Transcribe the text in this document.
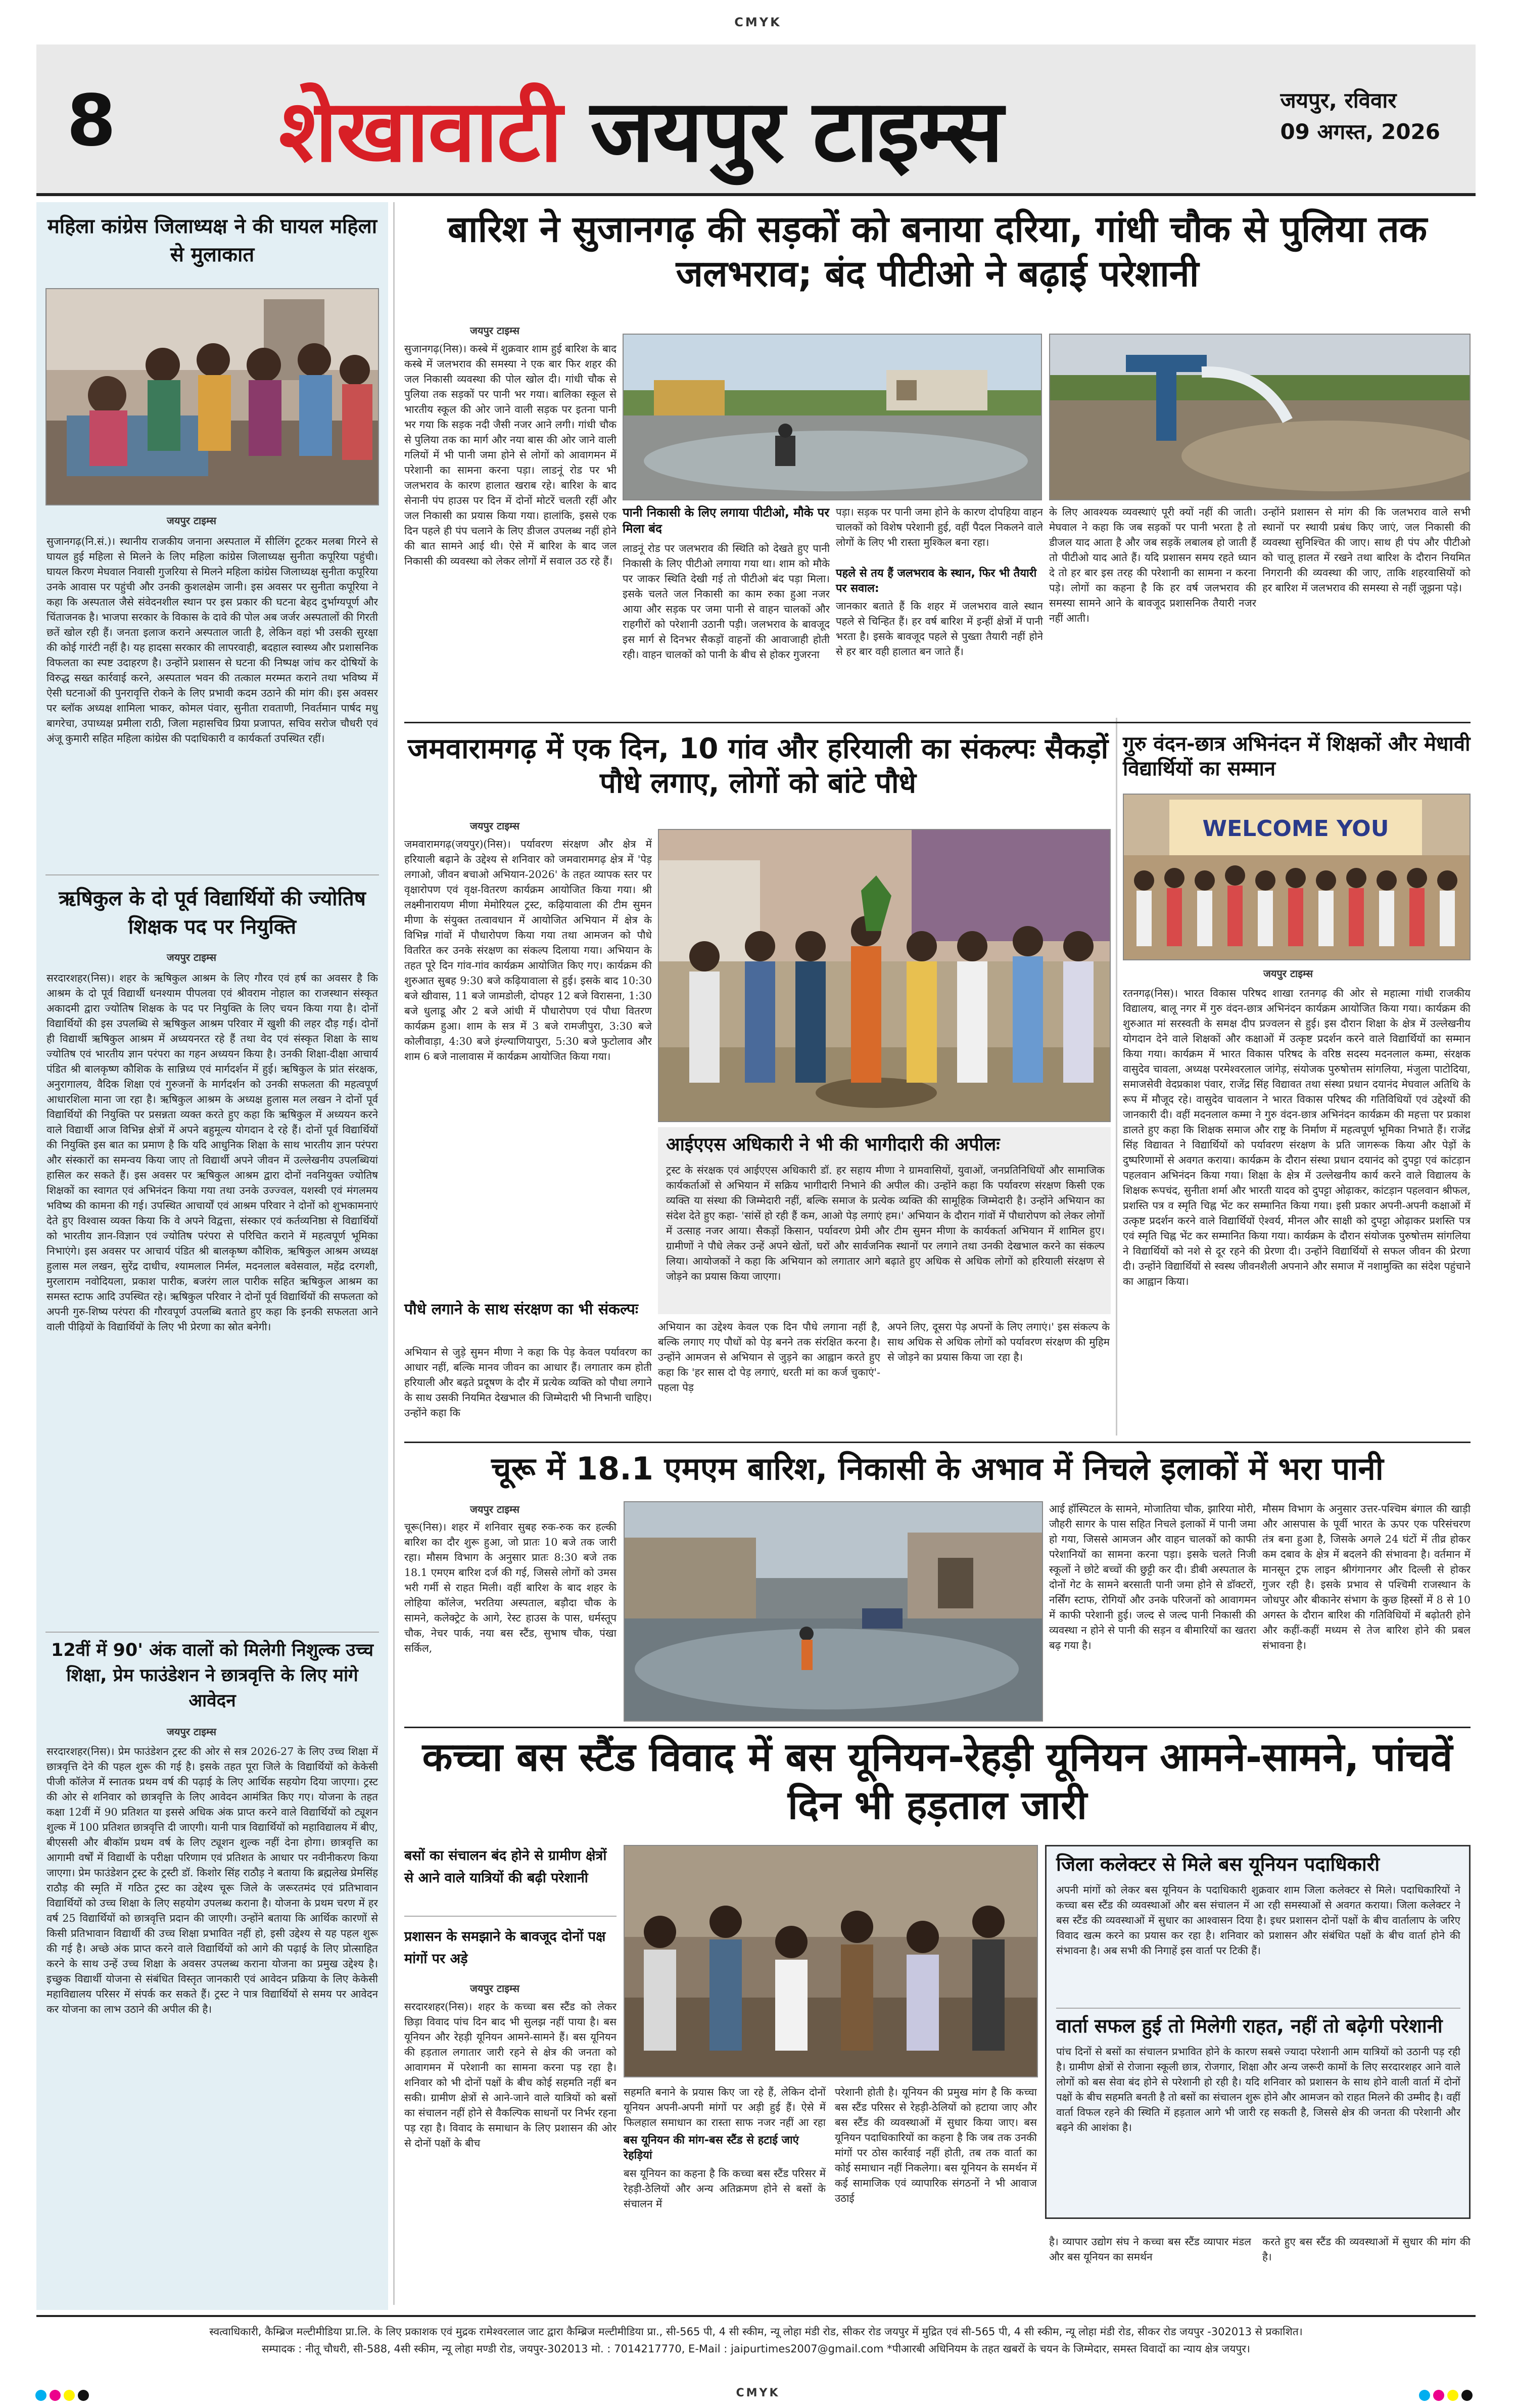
CMYK
CMYK
8 शेखावाटी जयपुर टाइम्स	जयपुर, रविवार
09 अगस्त, 2026
महिला कांग्रेस जिलाध्यक्ष ने की घायल महिला से मुलाकात
जयपुर टाइम्स
सुजानगढ़(नि.सं.)। स्थानीय राजकीय जनाना अस्पताल में सीलिंग टूटकर मलबा गिरने से घायल हुई महिला से मिलने के लिए महिला कांग्रेस जिलाध्यक्ष सुनीता कपूरिया पहुंची। घायल किरण मेघवाल निवासी गुजरिया से मिलने महिला कांग्रेस जिलाध्यक्ष सुनीता कपूरिया उनके आवास पर पहुंची और उनकी कुशलक्षेम जानी। इस अवसर पर सुनीता कपूरिया ने कहा कि अस्पताल जैसे संवेदनशील स्थान पर इस प्रकार की घटना बेहद दुर्भाग्यपूर्ण और चिंताजनक है। भाजपा सरकार के विकास के दावे की पोल अब जर्जर अस्पतालों की गिरती छतें खोल रही हैं। जनता इलाज कराने अस्पताल जाती है, लेकिन वहां भी उसकी सुरक्षा की कोई गारंटी नहीं है। यह हादसा सरकार की लापरवाही, बदहाल स्वास्थ्य और प्रशासनिक विफलता का स्पष्ट उदाहरण है। उन्होंने प्रशासन से घटना की निष्पक्ष जांच कर दोषियों के विरुद्ध सख्त कार्रवाई करने, अस्पताल भवन की तत्काल मरम्मत कराने तथा भविष्य में ऐसी घटनाओं की पुनरावृत्ति रोकने के लिए प्रभावी कदम उठाने की मांग की। इस अवसर पर ब्लॉक अध्यक्ष शामिला भाकर, कोमल पंवार, सुनीता रावताणी, निवर्तमान पार्षद मधु बागरेचा, उपाध्यक्ष प्रमीला राठी, जिला महासचिव प्रिया प्रजापत, सचिव सरोज चौधरी एवं अंजू कुमारी सहित महिला कांग्रेस की पदाधिकारी व कार्यकर्ता उपस्थित रहीं।
ऋषिकुल के दो पूर्व विद्यार्थियों की ज्योतिष शिक्षक पद पर नियुक्ति
जयपुर टाइम्स
सरदारशहर(निस)। शहर के ऋषिकुल आश्रम के लिए गौरव एवं हर्ष का अवसर है कि आश्रम के दो पूर्व विद्यार्थी धनश्याम पीपलवा एवं श्रीवराम नोहाल का राजस्थान संस्कृत अकादमी द्वारा ज्योतिष शिक्षक के पद पर नियुक्ति के लिए चयन किया गया है। दोनों विद्यार्थियों की इस उपलब्धि से ऋषिकुल आश्रम परिवार में खुशी की लहर दौड़ गई। दोनों ही विद्यार्थी ऋषिकुल आश्रम में अध्ययनरत रहे हैं तथा वेद एवं संस्कृत शिक्षा के साथ ज्योतिष एवं भारतीय ज्ञान परंपरा का गहन अध्ययन किया है। उनकी शिक्षा-दीक्षा आचार्य पंडित श्री बालकृष्ण कौशिक के सान्निध्य एवं मार्गदर्शन में हुई। ऋषिकुल के प्रांत संरक्षक, अनुरागालय, वैदिक शिक्षा एवं गुरुजनों के मार्गदर्शन को उनकी सफलता की महत्वपूर्ण आधारशिला माना जा रहा है। ऋषिकुल आश्रम के अध्यक्ष हुलास मल लखन ने दोनों पूर्व विद्यार्थियों की नियुक्ति पर प्रसन्नता व्यक्त करते हुए कहा कि ऋषिकुल में अध्ययन करने वाले विद्यार्थी आज विभिन्न क्षेत्रों में अपने बहुमूल्य योगदान दे रहे हैं। दोनों पूर्व विद्यार्थियों की नियुक्ति इस बात का प्रमाण है कि यदि आधुनिक शिक्षा के साथ भारतीय ज्ञान परंपरा और संस्कारों का समन्वय किया जाए तो विद्यार्थी अपने जीवन में उल्लेखनीय उपलब्धियां हासिल कर सकते हैं। इस अवसर पर ऋषिकुल आश्रम द्वारा दोनों नवनियुक्त ज्योतिष शिक्षकों का स्वागत एवं अभिनंदन किया गया तथा उनके उज्ज्वल, यशस्वी एवं मंगलमय भविष्य की कामना की गई। उपस्थित आचार्यों एवं आश्रम परिवार ने दोनों को शुभकामनाएं देते हुए विश्वास व्यक्त किया कि वे अपने विद्वत्ता, संस्कार एवं कर्तव्यनिष्ठा से विद्यार्थियों को भारतीय ज्ञान-विज्ञान एवं ज्योतिष परंपरा से परिचित कराने में महत्वपूर्ण भूमिका निभाएंगे। इस अवसर पर आचार्य पंडित श्री बालकृष्ण कौशिक, ऋषिकुल आश्रम अध्यक्ष हुलास मल लखन, सुरेंद्र दाधीच, श्यामलाल निर्मल, मदनलाल बवेसवाल, महेंद्र दरगशी, मुरलाराम नवोदियला, प्रकाश पारीक, बजरंग लाल पारीक सहित ऋषिकुल आश्रम का समस्त स्टाफ आदि उपस्थित रहे। ऋषिकुल परिवार ने दोनों पूर्व विद्यार्थियों की सफलता को अपनी गुरु-शिष्य परंपरा की गौरवपूर्ण उपलब्धि बताते हुए कहा कि इनकी सफलता आने वाली पीढ़ियों के विद्यार्थियों के लिए भी प्रेरणा का स्रोत बनेगी।
12वीं में 90' अंक वालों को मिलेगी निशुल्क उच्च शिक्षा, प्रेम फाउंडेशन ने छात्रवृत्ति के लिए मांगे आवेदन
जयपुर टाइम्स
सरदारशहर(निस)। प्रेम फाउंडेशन ट्रस्ट की ओर से सत्र 2026-27 के लिए उच्च शिक्षा में छात्रवृत्ति देने की पहल शुरू की गई है। इसके तहत पूरा जिले के विद्यार्थियों को केकेसी पीजी कॉलेज में स्नातक प्रथम वर्ष की पढ़ाई के लिए आर्थिक सहयोग दिया जाएगा। ट्रस्ट की ओर से शनिवार को छात्रवृत्ति के लिए आवेदन आमंत्रित किए गए। योजना के तहत कक्षा 12वीं में 90 प्रतिशत या इससे अधिक अंक प्राप्त करने वाले विद्यार्थियों को ट्यूशन शुल्क में 100 प्रतिशत छात्रवृत्ति दी जाएगी। यानी पात्र विद्यार्थियों को महाविद्यालय में बीए, बीएससी और बीकॉम प्रथम वर्ष के लिए ट्यूशन शुल्क नहीं देना होगा। छात्रवृत्ति का आगामी वर्षों में विद्यार्थी के परीक्षा परिणाम एवं प्रतिशत के आधार पर नवीनीकरण किया जाएगा। प्रेम फाउंडेशन ट्रस्ट के ट्रस्टी डॉ. किशोर सिंह राठौड़ ने बताया कि ब्रह्मलेख प्रेमसिंह राठौड़ की स्मृति में गठित ट्रस्ट का उद्देश्य चूरू जिले के जरूरतमंद एवं प्रतिभावान विद्यार्थियों को उच्च शिक्षा के लिए सहयोग उपलब्ध कराना है। योजना के प्रथम चरण में हर वर्ष 25 विद्यार्थियों को छात्रवृत्ति प्रदान की जाएगी। उन्होंने बताया कि आर्थिक कारणों से किसी प्रतिभावान विद्यार्थी की उच्च शिक्षा प्रभावित नहीं हो, इसी उद्देश्य से यह पहल शुरू की गई है। अच्छे अंक प्राप्त करने वाले विद्यार्थियों को आगे की पढ़ाई के लिए प्रोत्साहित करने के साथ उन्हें उच्च शिक्षा के अवसर उपलब्ध कराना योजना का प्रमुख उद्देश्य है। इच्छुक विद्यार्थी योजना से संबंधित विस्तृत जानकारी एवं आवेदन प्रक्रिया के लिए केकेसी महाविद्यालय परिसर में संपर्क कर सकते हैं। ट्रस्ट ने पात्र विद्यार्थियों से समय पर आवेदन कर योजना का लाभ उठाने की अपील की है।
बारिश ने सुजानगढ़ की सड़कों को बनाया दरिया, गांधी चौक से पुलिया तक जलभराव; बंद पीटीओ ने बढ़ाई परेशानी
जयपुर टाइम्स
सुजानगढ़(निस)। कस्बे में शुक्रवार शाम हुई बारिश के बाद कस्बे में जलभराव की समस्या ने एक बार फिर शहर की जल निकासी व्यवस्था की पोल खोल दी। गांधी चौक से पुलिया तक सड़कों पर पानी भर गया। बालिका स्कूल से भारतीय स्कूल की ओर जाने वाली सड़क पर इतना पानी भर गया कि सड़क नदी जैसी नजर आने लगी। गांधी चौक से पुलिया तक का मार्ग और नया बास की ओर जाने वाली गलियों में भी पानी जमा होने से लोगों को आवागमन में परेशानी का सामना करना पड़ा। लाडनूं रोड पर भी जलभराव के कारण हालात खराब रहे। बारिश के बाद सेनानी पंप हाउस पर दिन में दोनों मोटरें चलती रहीं और जल निकासी का प्रयास किया गया। हालांकि, इससे एक दिन पहले ही पंप चलाने के लिए डीजल उपलब्ध नहीं होने की बात सामने आई थी। ऐसे में बारिश के बाद जल निकासी की व्यवस्था को लेकर लोगों में सवाल उठ रहे हैं।
पानी निकासी के लिए लगाया पीटीओ, मौके पर मिला बंद
लाडनूं रोड पर जलभराव की स्थिति को देखते हुए पानी निकासी के लिए पीटीओ लगाया गया था। शाम को मौके पर जाकर स्थिति देखी गई तो पीटीओ बंद पड़ा मिला। इसके चलते जल निकासी का काम रुका हुआ नजर आया और सड़क पर जमा पानी से वाहन चालकों और राहगीरों को परेशानी उठानी पड़ी। जलभराव के बावजूद इस मार्ग से दिनभर सैकड़ों वाहनों की आवाजाही होती रही। वाहन चालकों को पानी के बीच से होकर गुजरना
पड़ा। सड़क पर पानी जमा होने के कारण दोपहिया वाहन चालकों को विशेष परेशानी हुई, वहीं पैदल निकलने वाले लोगों के लिए भी रास्ता मुश्किल बना रहा।
पहले से तय हैं जलभराव के स्थान, फिर भी तैयारी पर सवाल:
जानकार बताते हैं कि शहर में जलभराव वाले स्थान पहले से चिन्हित हैं। हर वर्ष बारिश में इन्हीं क्षेत्रों में पानी भरता है। इसके बावजूद पहले से पुख्ता तैयारी नहीं होने से हर बार वही हालात बन जाते हैं।
के लिए आवश्यक व्यवस्थाएं पूरी क्यों नहीं की जाती। मेघवाल ने कहा कि जब सड़कों पर पानी भरता है तो डीजल याद आता है और जब सड़कें लबालब हो जाती हैं तो पीटीओ याद आते हैं। यदि प्रशासन समय रहते ध्यान दे तो हर बार इस तरह की परेशानी का सामना न करना पड़े। लोगों का कहना है कि हर वर्ष जलभराव की समस्या सामने आने के बावजूद प्रशासनिक तैयारी नजर नहीं आती।
उन्होंने प्रशासन से मांग की कि जलभराव वाले सभी स्थानों पर स्थायी प्रबंध किए जाएं, जल निकासी की व्यवस्था सुनिश्चित की जाए। साथ ही पंप और पीटीओ को चालू हालत में रखने तथा बारिश के दौरान नियमित निगरानी की व्यवस्था की जाए, ताकि शहरवासियों को हर बारिश में जलभराव की समस्या से नहीं जूझना पड़े।
जमवारामगढ़ में एक दिन, 10 गांव और हरियाली का संकल्पः सैकड़ों पौधे लगाए, लोगों को बांटे पौधे
जयपुर टाइम्स
जमवारामगढ़(जयपुर)(निस)। पर्यावरण संरक्षण और क्षेत्र में हरियाली बढ़ाने के उद्देश्य से शनिवार को जमवारामगढ़ क्षेत्र में 'पेड़ लगाओ, जीवन बचाओ अभियान-2026' के तहत व्यापक स्तर पर वृक्षारोपण एवं वृक्ष-वितरण कार्यक्रम आयोजित किया गया। श्री लक्ष्मीनारायण मीणा मेमोरियल ट्रस्ट, कढ़ियावाला की टीम सुमन मीणा के संयुक्त तत्वावधान में आयोजित अभियान में क्षेत्र के विभिन्न गांवों में पौधारोपण किया गया तथा आमजन को पौधे वितरित कर उनके संरक्षण का संकल्प दिलाया गया। अभियान के तहत पूरे दिन गांव-गांव कार्यक्रम आयोजित किए गए। कार्यक्रम की शुरुआत सुबह 9:30 बजे कढ़ियावाला से हुई। इसके बाद 10:30 बजे खीवास, 11 बजे जामडोली, दोपहर 12 बजे विरासना, 1:30 बजे धुलाडू और 2 बजे आंधी में पौधारोपण एवं पौधा वितरण कार्यक्रम हुआ। शाम के सत्र में 3 बजे रामजीपुरा, 3:30 बजे कोलीवाड़ा, 4:30 बजे इंग्ल्याणियापुरा, 5:30 बजे फुटोलाव और शाम 6 बजे नालावास में कार्यक्रम आयोजित किया गया।
पौधे लगाने के साथ संरक्षण का भी संकल्पः
अभियान से जुड़े सुमन मीणा ने कहा कि पेड़ केवल पर्यावरण का आधार नहीं, बल्कि मानव जीवन का आधार हैं। लगातार कम होती हरियाली और बढ़ते प्रदूषण के दौर में प्रत्येक व्यक्ति को पौधा लगाने के साथ उसकी नियमित देखभाल की जिम्मेदारी भी निभानी चाहिए। उन्होंने कहा कि
आईएएस अधिकारी ने भी की भागीदारी की अपीलः
ट्रस्ट के संरक्षक एवं आईएएस अधिकारी डॉ. हर सहाय मीणा ने ग्रामवासियों, युवाओं, जनप्रतिनिधियों और सामाजिक कार्यकर्ताओं से अभियान में सक्रिय भागीदारी निभाने की अपील की। उन्होंने कहा कि पर्यावरण संरक्षण किसी एक व्यक्ति या संस्था की जिम्मेदारी नहीं, बल्कि समाज के प्रत्येक व्यक्ति की सामूहिक जिम्मेदारी है। उन्होंने अभियान का संदेश देते हुए कहा- 'सांसें हो रही हैं कम, आओ पेड़ लगाएं हम।' अभियान के दौरान गांवों में पौधारोपण को लेकर लोगों में उत्साह नजर आया। सैकड़ों किसान, पर्यावरण प्रेमी और टीम सुमन मीणा के कार्यकर्ता अभियान में शामिल हुए। ग्रामीणों ने पौधे लेकर उन्हें अपने खेतों, घरों और सार्वजनिक स्थानों पर लगाने तथा उनकी देखभाल करने का संकल्प लिया। आयोजकों ने कहा कि अभियान को लगातार आगे बढ़ाते हुए अधिक से अधिक लोगों को हरियाली संरक्षण से जोड़ने का प्रयास किया जाएगा।
अभियान का उद्देश्य केवल एक दिन पौधे लगाना नहीं है, बल्कि लगाए गए पौधों को पेड़ बनने तक संरक्षित करना है। उन्होंने आमजन से अभियान से जुड़ने का आह्वान करते हुए कहा कि 'हर सास दो पेड़ लगाएं, धरती मां का कर्ज चुकाएं'-पहला पेड़
अपने लिए, दूसरा पेड़ अपनों के लिए लगाएं।' इस संकल्प के साथ अधिक से अधिक लोगों को पर्यावरण संरक्षण की मुहिम से जोड़ने का प्रयास किया जा रहा है।
गुरु वंदन-छात्र अभिनंदन में शिक्षकों और मेधावी विद्यार्थियों का सम्मान
WELCOME YOU
जयपुर टाइम्स
रतनगढ़(निस)। भारत विकास परिषद शाखा रतनगढ़ की ओर से महात्मा गांधी राजकीय विद्यालय, बालू नगर में गुरु वंदन-छात्र अभिनंदन कार्यक्रम आयोजित किया गया। कार्यक्रम की शुरुआत मां सरस्वती के समक्ष दीप प्रज्वलन से हुई। इस दौरान शिक्षा के क्षेत्र में उल्लेखनीय योगदान देने वाले शिक्षकों और कक्षाओं में उत्कृष्ट प्रदर्शन करने वाले विद्यार्थियों का सम्मान किया गया। कार्यक्रम में भारत विकास परिषद के वरिष्ठ सदस्य मदनलाल कम्मा, संरक्षक वासुदेव चावला, अध्यक्ष परमेश्वरलाल जांगेड़, संयोजक पुरुषोत्तम सांगलिया, मंजुला पाटोदिया, समाजसेवी वेदप्रकाश पंवार, राजेंद्र सिंह विद्यावत तथा संस्था प्रधान दयानंद मेघवाल अतिथि के रूप में मौजूद रहे। वासुदेव चावलान ने भारत विकास परिषद की गतिविधियों एवं उद्देश्यों की जानकारी दी। वहीं मदनलाल कम्मा ने गुरु वंदन-छात्र अभिनंदन कार्यक्रम की महत्ता पर प्रकाश डालते हुए कहा कि शिक्षक समाज और राष्ट्र के निर्माण में महत्वपूर्ण भूमिका निभाते हैं। राजेंद्र सिंह विद्यावत ने विद्यार्थियों को पर्यावरण संरक्षण के प्रति जागरूक किया और पेड़ों के दुष्परिणामों से अवगत कराया। कार्यक्रम के दौरान संस्था प्रधान दयानंद को दुपट्टा एवं कांटड़ान पहलवान अभिनंदन किया गया। शिक्षा के क्षेत्र में उल्लेखनीय कार्य करने वाले विद्यालय के शिक्षक रूपचंद, सुनीता शर्मा और भारती यादव को दुपट्टा ओढ़ाकर, कांटड़ान पहलवान श्रीफल, प्रशस्ति पत्र व स्मृति चिह्न भेंट कर सम्मानित किया गया। इसी प्रकार अपनी-अपनी कक्षाओं में उत्कृष्ट प्रदर्शन करने वाले विद्यार्थियों ऐश्वर्य, मीनल और साक्षी को दुपट्टा ओढ़ाकर प्रशस्ति पत्र एवं स्मृति चिह्न भेंट कर सम्मानित किया गया। कार्यक्रम के दौरान संयोजक पुरुषोत्तम सांगलिया ने विद्यार्थियों को नशे से दूर रहने की प्रेरणा दी। उन्होंने विद्यार्थियों से सफल जीवन की प्रेरणा दी। उन्होंने विद्यार्थियों से स्वस्थ जीवनशैली अपनाने और समाज में नशामुक्ति का संदेश पहुंचाने का आह्वान किया।
चूरू में 18.1 एमएम बारिश, निकासी के अभाव में निचले इलाकों में भरा पानी
जयपुर टाइम्स
चूरू(निस)। शहर में शनिवार सुबह रुक-रुक कर हल्की बारिश का दौर शुरू हुआ, जो प्रातः 10 बजे तक जारी रहा। मौसम विभाग के अनुसार प्रातः 8:30 बजे तक 18.1 एमएम बारिश दर्ज की गई, जिससे लोगों को उमस भरी गर्मी से राहत मिली। वहीं बारिश के बाद शहर के लोहिया कॉलेज, भरतिया अस्पताल, बड़ौदा चौक के सामने, कलेक्ट्रेट के आगे, रेस्ट हाउस के पास, धर्मस्तूप चौक, नेचर पार्क, नया बस स्टैंड, सुभाष चौक, पंखा सर्किल,
आई हॉस्पिटल के सामने, मोजातिया चौक, झारिया मोरी, जौहरी सागर के पास सहित निचले इलाकों में पानी जमा हो गया, जिससे आमजन और वाहन चालकों को काफी परेशानियों का सामना करना पड़ा। इसके चलते निजी स्कूलों ने छोटे बच्चों की छुट्टी कर दी। डीबी अस्पताल के दोनों गेट के सामने बरसाती पानी जमा होने से डॉक्टरों, नर्सिंग स्टाफ, रोगियों और उनके परिजनों को आवागमन में काफी परेशानी हुई। जल्द से जल्द पानी निकासी की व्यवस्था न होने से पानी की सड़न व बीमारियों का खतरा बढ़ गया है।
मौसम विभाग के अनुसार उत्तर-पश्चिम बंगाल की खाड़ी और आसपास के पूर्वी भारत के ऊपर एक परिसंचरण तंत्र बना हुआ है, जिसके अगले 24 घंटों में तीव्र होकर कम दबाव के क्षेत्र में बदलने की संभावना है। वर्तमान में मानसून ट्रफ लाइन श्रीगंगानगर और दिल्ली से होकर गुजर रही है। इसके प्रभाव से पश्चिमी राजस्थान के जोधपुर और बीकानेर संभाग के कुछ हिस्सों में 8 से 10 अगस्त के दौरान बारिश की गतिविधियों में बढ़ोतरी होने और कहीं-कहीं मध्यम से तेज बारिश होने की प्रबल संभावना है।
कच्चा बस स्टैंड विवाद में बस यूनियन-रेहड़ी यूनियन आमने-सामने, पांचवें दिन भी हड़ताल जारी
बसों का संचालन बंद होने से ग्रामीण क्षेत्रों से आने वाले यात्रियों की बढ़ी परेशानी
प्रशासन के समझाने के बावजूद दोनों पक्ष मांगों पर अड़े
जयपुर टाइम्स
सरदारशहर(निस)। शहर के कच्चा बस स्टैंड को लेकर छिड़ा विवाद पांच दिन बाद भी सुलझ नहीं पाया है। बस यूनियन और रेहड़ी यूनियन आमने-सामने हैं। बस यूनियन की हड़ताल लगातार जारी रहने से क्षेत्र की जनता को आवागमन में परेशानी का सामना करना पड़ रहा है। शनिवार को भी दोनों पक्षों के बीच कोई सहमति नहीं बन सकी। ग्रामीण क्षेत्रों से आने-जाने वाले यात्रियों को बसों का संचालन नहीं होने से वैकल्पिक साधनों पर निर्भर रहना पड़ रहा है। विवाद के समाधान के लिए प्रशासन की ओर से दोनों पक्षों के बीच
सहमति बनाने के प्रयास किए जा रहे हैं, लेकिन दोनों यूनियन अपनी-अपनी मांगों पर अड़ी हुई हैं। ऐसे में फिलहाल समाधान का रास्ता साफ नजर नहीं आ रहा
बस यूनियन की मांग-बस स्टैंड से हटाई जाएं रेहड़ियां
बस यूनियन का कहना है कि कच्चा बस स्टैंड परिसर में रेहड़ी-ठेलियों और अन्य अतिक्रमण होने से बसों के संचालन में
परेशानी होती है। यूनियन की प्रमुख मांग है कि कच्चा बस स्टैंड परिसर से रेहड़ी-ठेलियों को हटाया जाए और बस स्टैंड की व्यवस्थाओं में सुधार किया जाए। बस यूनियन पदाधिकारियों का कहना है कि जब तक उनकी मांगों पर ठोस कार्रवाई नहीं होती, तब तक वार्ता का कोई समाधान नहीं निकलेगा। बस यूनियन के समर्थन में कई सामाजिक एवं व्यापारिक संगठनों ने भी आवाज उठाई
जिला कलेक्टर से मिले बस यूनियन पदाधिकारी
अपनी मांगों को लेकर बस यूनियन के पदाधिकारी शुक्रवार शाम जिला कलेक्टर से मिले। पदाधिकारियों ने कच्चा बस स्टैंड की व्यवस्थाओं और बस संचालन में आ रही समस्याओं से अवगत कराया। जिला कलेक्टर ने बस स्टैंड की व्यवस्थाओं में सुधार का आश्वासन दिया है। इधर प्रशासन दोनों पक्षों के बीच वार्तालाप के जरिए विवाद खत्म करने का प्रयास कर रहा है। शनिवार को प्रशासन और संबंधित पक्षों के बीच वार्ता होने की संभावना है। अब सभी की निगाहें इस वार्ता पर टिकी हैं।
वार्ता सफल हुई तो मिलेगी राहत, नहीं तो बढ़ेगी परेशानी
पांच दिनों से बसों का संचालन प्रभावित होने के कारण सबसे ज्यादा परेशानी आम यात्रियों को उठानी पड़ रही है। ग्रामीण क्षेत्रों से रोजाना स्कूली छात्र, रोजगार, शिक्षा और अन्य जरूरी कामों के लिए सरदारशहर आने वाले लोगों को बस सेवा बंद होने से परेशानी हो रही है। यदि शनिवार को प्रशासन के साथ होने वाली वार्ता में दोनों पक्षों के बीच सहमति बनती है तो बसों का संचालन शुरू होने और आमजन को राहत मिलने की उम्मीद है। वहीं वार्ता विफल रहने की स्थिति में हड़ताल आगे भी जारी रह सकती है, जिससे क्षेत्र की जनता की परेशानी और बढ़ने की आशंका है।
है। व्यापार उद्योग संघ ने कच्चा बस स्टैंड व्यापार मंडल और बस यूनियन का समर्थन
करते हुए बस स्टैंड की व्यवस्थाओं में सुधार की मांग की है।
स्वत्वाधिकारी, कैम्ब्रिज मल्टीमीडिया प्रा.लि. के लिए प्रकाशक एवं मुद्रक रामेश्वरलाल जाट द्वारा कैम्ब्रिज मल्टीमीडिया प्रा., सी-565 पी, 4 सी स्कीम, न्यू लोहा मंडी रोड, सीकर रोड जयपुर में मुद्रित एवं सी-565 पी, 4 सी स्कीम, न्यू लोहा मंडी रोड, सीकर रोड जयपुर -302013 से प्रकाशित।
सम्पादक : नीतू चौधरी, सी-588, 4सी स्कीम, न्यू लोहा मण्डी रोड, जयपुर-302013 मो. : 7014217770, E-Mail : jaipurtimes2007@gmail.com *पीआरबी अधिनियम के तहत खबरों के चयन के जिम्मेदार, समस्त विवादों का न्याय क्षेत्र जयपुर।
